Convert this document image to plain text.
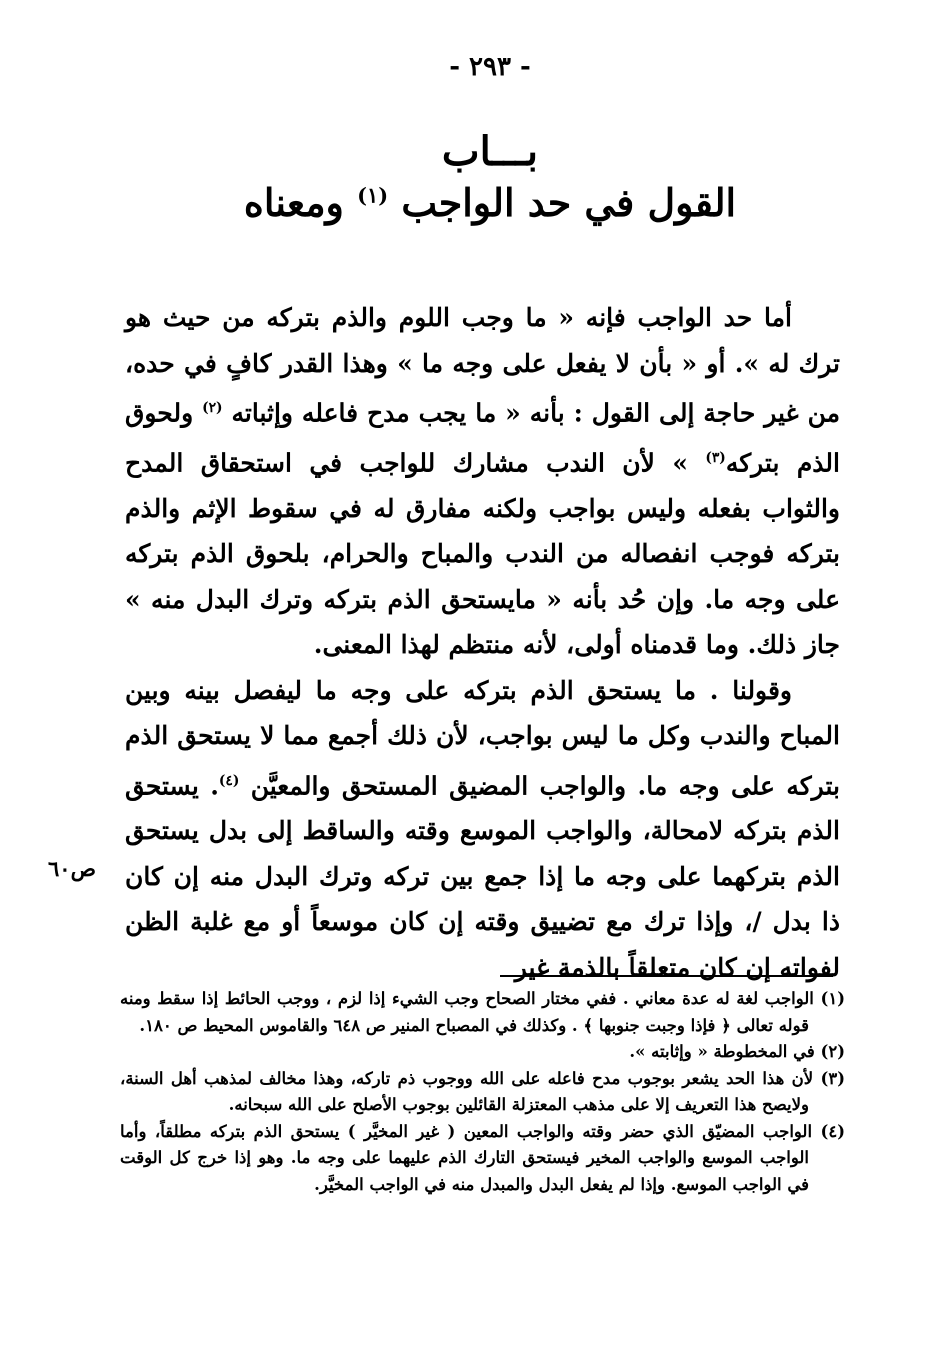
- ٢٩٣ -
بـــاب
القول في حد الواجب $^{(١)}$ ومعناه

أما حد الواجب فإنه « ما وجب اللوم والذم بتركه من حيث هو ترك له ». أو « بأن لا يفعل على وجه ما » وهذا القدر كافٍ في حده، من غير حاجة إلى القول : بأنه « ما يجب مدح فاعله وإثباته $^{(٢)}$ ولحوق الذم بتركه$^{(٣)}$ » لأن الندب مشارك للواجب في استحقاق المدح والثواب بفعله وليس بواجب ولكنه مفارق له في سقوط الإثم والذم بتركه فوجب انفصاله من الندب والمباح والحرام، بلحوق الذم بتركه على وجه ما. وإن حُد بأنه « مايستحق الذم بتركه وترك البدل منه » جاز ذلك. وما قدمناه أولى، لأنه منتظم لهذا المعنى.

وقولنا . ما يستحق الذم بتركه على وجه ما ليفصل بينه وبين المباح والندب وكل ما ليس بواجب، لأن ذلك أجمع مما لا يستحق الذم بتركه على وجه ما. والواجب المضيق المستحق والمعيَّن $^{(٤)}$. يستحق الذم بتركه لامحالة، والواجب الموسع وقته والساقط إلى بدل يستحق الذم بتركهما على وجه ما إذا جمع بين تركه وترك البدل منه إن كان ذا بدل /، وإذا ترك مع تضييق وقته إن كان موسعاً أو مع غلبة الظن لفواته إن كان متعلقاً بالذمة غير

ص٦٠

(١) الواجب لغة له عدة معاني . ففي مختار الصحاح وجب الشيء إذا لزم ، ووجب الحائط إذا سقط ومنه قوله تعالى ﴿ فإذا وجبت جنوبها ﴾ . وكذلك في المصباح المنير ص ٦٤٨ والقاموس المحيط ص ١٨٠.

(٢) في المخطوطة « وإثابته ».

(٣) لأن هذا الحد يشعر بوجوب مدح فاعله على الله ووجوب ذم تاركه، وهذا مخالف لمذهب أهل السنة، ولايصح هذا التعريف إلا على مذهب المعتزلة القائلين بوجوب الأصلح على الله سبحانه.

(٤) الواجب المضيّق الذي حضر وقته والواجب المعين ( غير المخيَّر ) يستحق الذم بتركه مطلقاً، وأما الواجب الموسع والواجب المخير فيستحق التارك الذم عليهما على وجه ما. وهو إذا خرج كل الوقت في الواجب الموسع. وإذا لم يفعل البدل والمبدل منه في الواجب المخيَّر.
